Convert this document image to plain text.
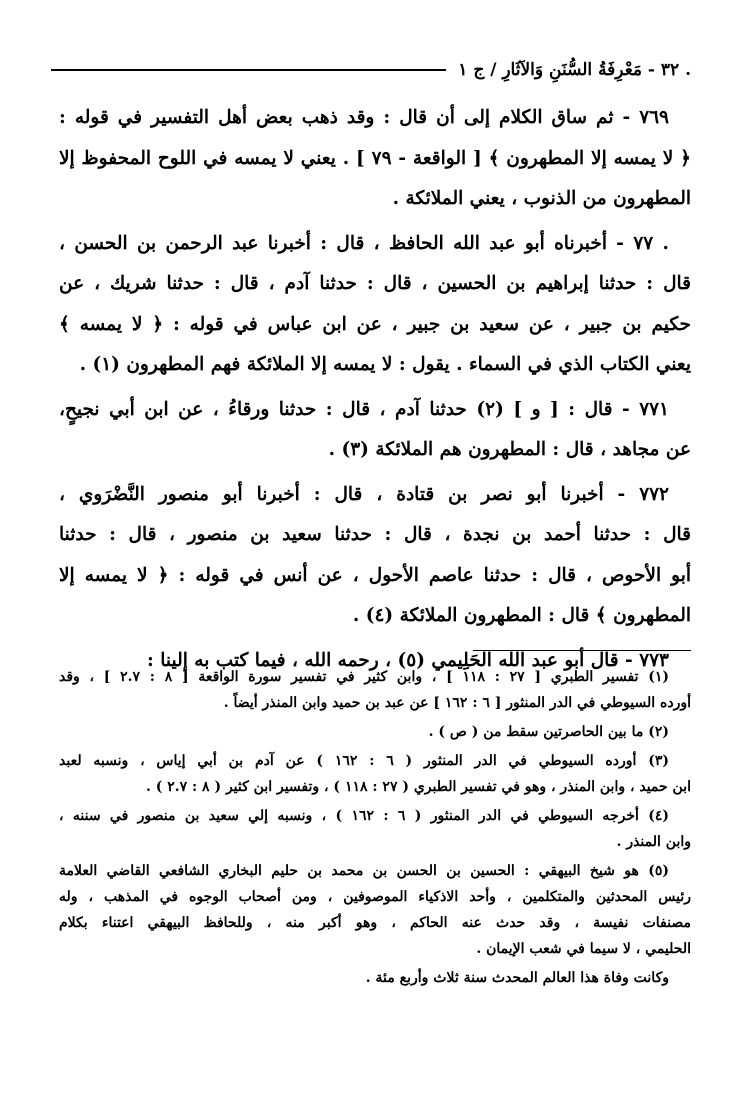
. ٣٢ - مَعْرِفَةُ السُّنَنِ وَالآثَارِ / ج ١

٧٦٩ - ثم ساق الكلام إلى أن قال : وقد ذهب بعض أهل التفسير في قوله :
﴿ لا يمسه إلا المطهرون ﴾ [ الواقعة - ٧٩ ] . يعني لا يمسه في اللوح المحفوظ إلا
المطهرون من الذنوب ، يعني الملائكة .

. ٧٧ - أخبرناه أبو عبد الله الحافظ ، قال : أخبرنا عبد الرحمن بن الحسن ،
قال : حدثنا إبراهيم بن الحسين ، قال : حدثنا آدم ، قال : حدثنا شريك ، عن
حكيم بن جبير ، عن سعيد بن جبير ، عن ابن عباس في قوله : ﴿ لا يمسه ﴾
يعني الكتاب الذي في السماء . يقول : لا يمسه إلا الملائكة فهم المطهرون (١) .

٧٧١ - قال : [ و ] (٢) حدثنا آدم ، قال : حدثنا ورقاءُ ، عن ابن أبي نجيحٍ،
عن مجاهد ، قال : المطهرون هم الملائكة (٣) .

٧٧٢ - أخبرنا أبو نصر بن قتادة ، قال : أخبرنا أبو منصور النَّضْرَوي ،
قال : حدثنا أحمد بن نجدة ، قال : حدثنا سعيد بن منصور ، قال : حدثنا
أبو الأحوص ، قال : حدثنا عاصم الأحول ، عن أنس في قوله : ﴿ لا يمسه إلا
المطهرون ﴾ قال : المطهرون الملائكة (٤) .

٧٧٣ - قال أبو عبد الله الحَلِيمي (٥) ، رحمه الله ، فيما كتب به إلينا :

(١) تفسير الطبري [ ٢٧ : ١١٨ ] ، وابن كثير في تفسير سورة الواقعة [ ٨ : ٢.٧ ] ، وقد
أورده السيوطي في الدر المنثور [ ٦ : ١٦٢ ] عن عبد بن حميد وابن المنذر أيضاً .

(٢) ما بين الحاصرتين سقط من ( ص ) .

(٣) أورده السيوطي في الدر المنثور ( ٦ : ١٦٢ ) عن آدم بن أبي إياس ، ونسبه لعبد
ابن حميد ، وابن المنذر ، وهو في تفسير الطبري ( ٢٧ : ١١٨ ) ، وتفسير ابن كثير ( ٨ : ٢.٧ ) .

(٤) أخرجه السيوطي في الدر المنثور ( ٦ : ١٦٢ ) ، ونسبه إلي سعيد بن منصور في سننه ،
وابن المنذر .

(٥) هو شيخ البيهقي : الحسين بن الحسن بن محمد بن حليم البخاري الشافعي القاضي العلامة
رئيس المحدثين والمتكلمين ، وأحد الاذكياء الموصوفين ، ومن أصحاب الوجوه في المذهب ، وله
مصنفات نفيسة ، وقد حدث عنه الحاكم ، وهو أكبر منه ، وللحافظ البيهقي اعتناء بكلام
الحليمي ، لا سيما في شعب الإيمان .

وكانت وفاة هذا العالم المحدث سنة ثلاث وأربع مئة .
